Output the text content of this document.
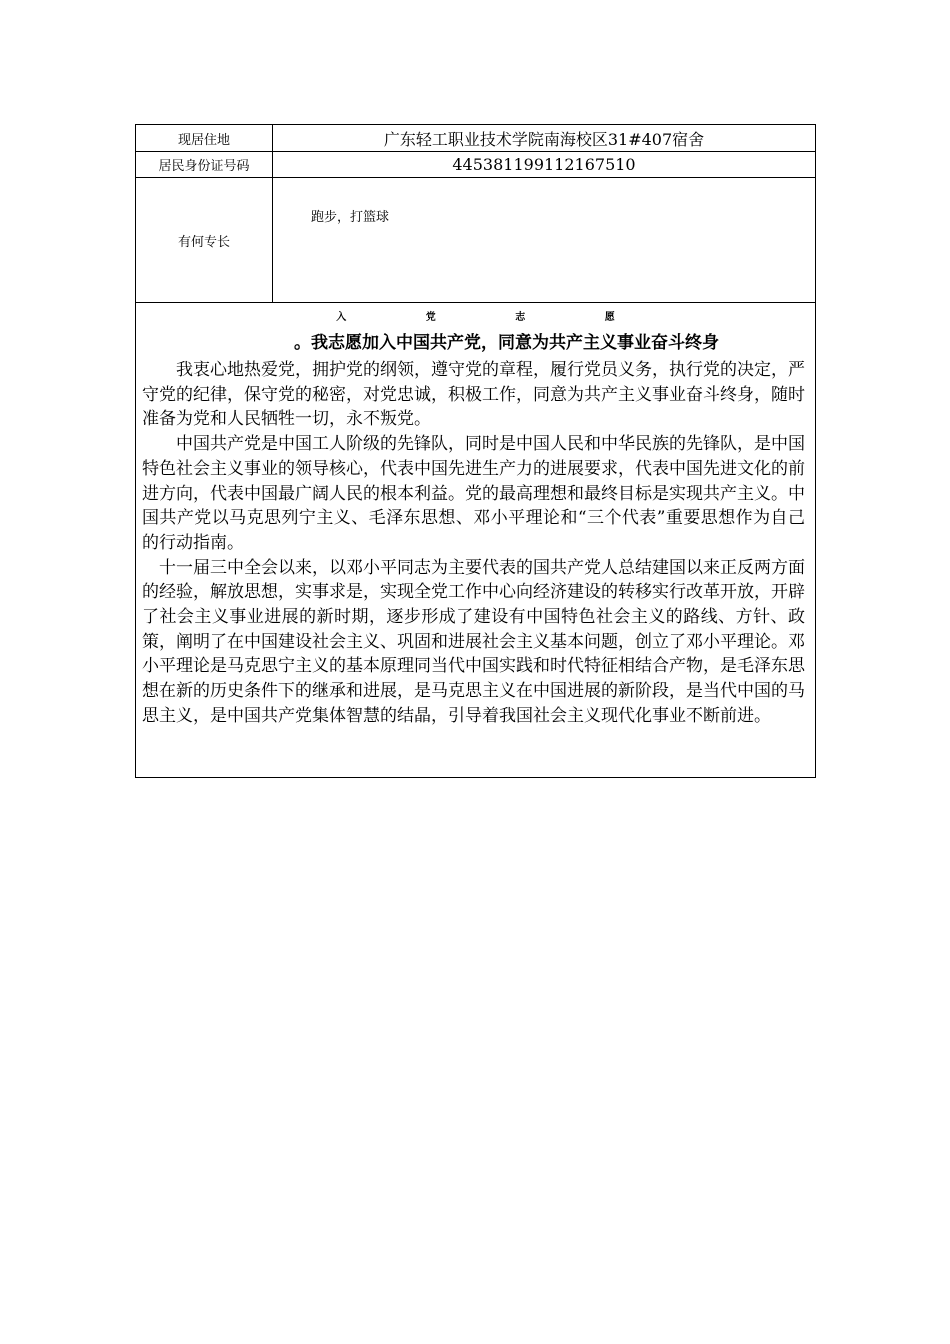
现居住地	广东轻工职业技术学院南海校区31#407宿舍
居民身份证号码	445381199112167510
有何专长	跑步，打篮球

入 党 志 愿
。我志愿加入中国共产党，同意为共产主义事业奋斗终身

我衷心地热爱党，拥护党的纲领，遵守党的章程，履行党员义务，执行党的决定，严守党的纪律，保守党的秘密，对党忠诚，积极工作，同意为共产主义事业奋斗终身，随时准备为党和人民牺牲一切，永不叛党。

中国共产党是中国工人阶级的先锋队，同时是中国人民和中华民族的先锋队，是中国特色社会主义事业的领导核心，代表中国先进生产力的进展要求，代表中国先进文化的前进方向，代表中国最广阔人民的根本利益。党的最高理想和最终目标是实现共产主义。中国共产党以马克思列宁主义、毛泽东思想、邓小平理论和“三个代表”重要思想作为自己的行动指南。

十一届三中全会以来，以邓小平同志为主要代表的国共产党人总结建国以来正反两方面的经验，解放思想，实事求是，实现全党工作中心向经济建设的转移实行改革开放，开辟了社会主义事业进展的新时期，逐步形成了建设有中国特色社会主义的路线、方针、政策，阐明了在中国建设社会主义、巩固和进展社会主义基本问题，创立了邓小平理论。邓小平理论是马克思宁主义的基本原理同当代中国实践和时代特征相结合产物，是毛泽东思想在新的历史条件下的继承和进展，是马克思主义在中国进展的新阶段，是当代中国的马思主义，是中国共产党集体智慧的结晶，引导着我国社会主义现代化事业不断前进。	
